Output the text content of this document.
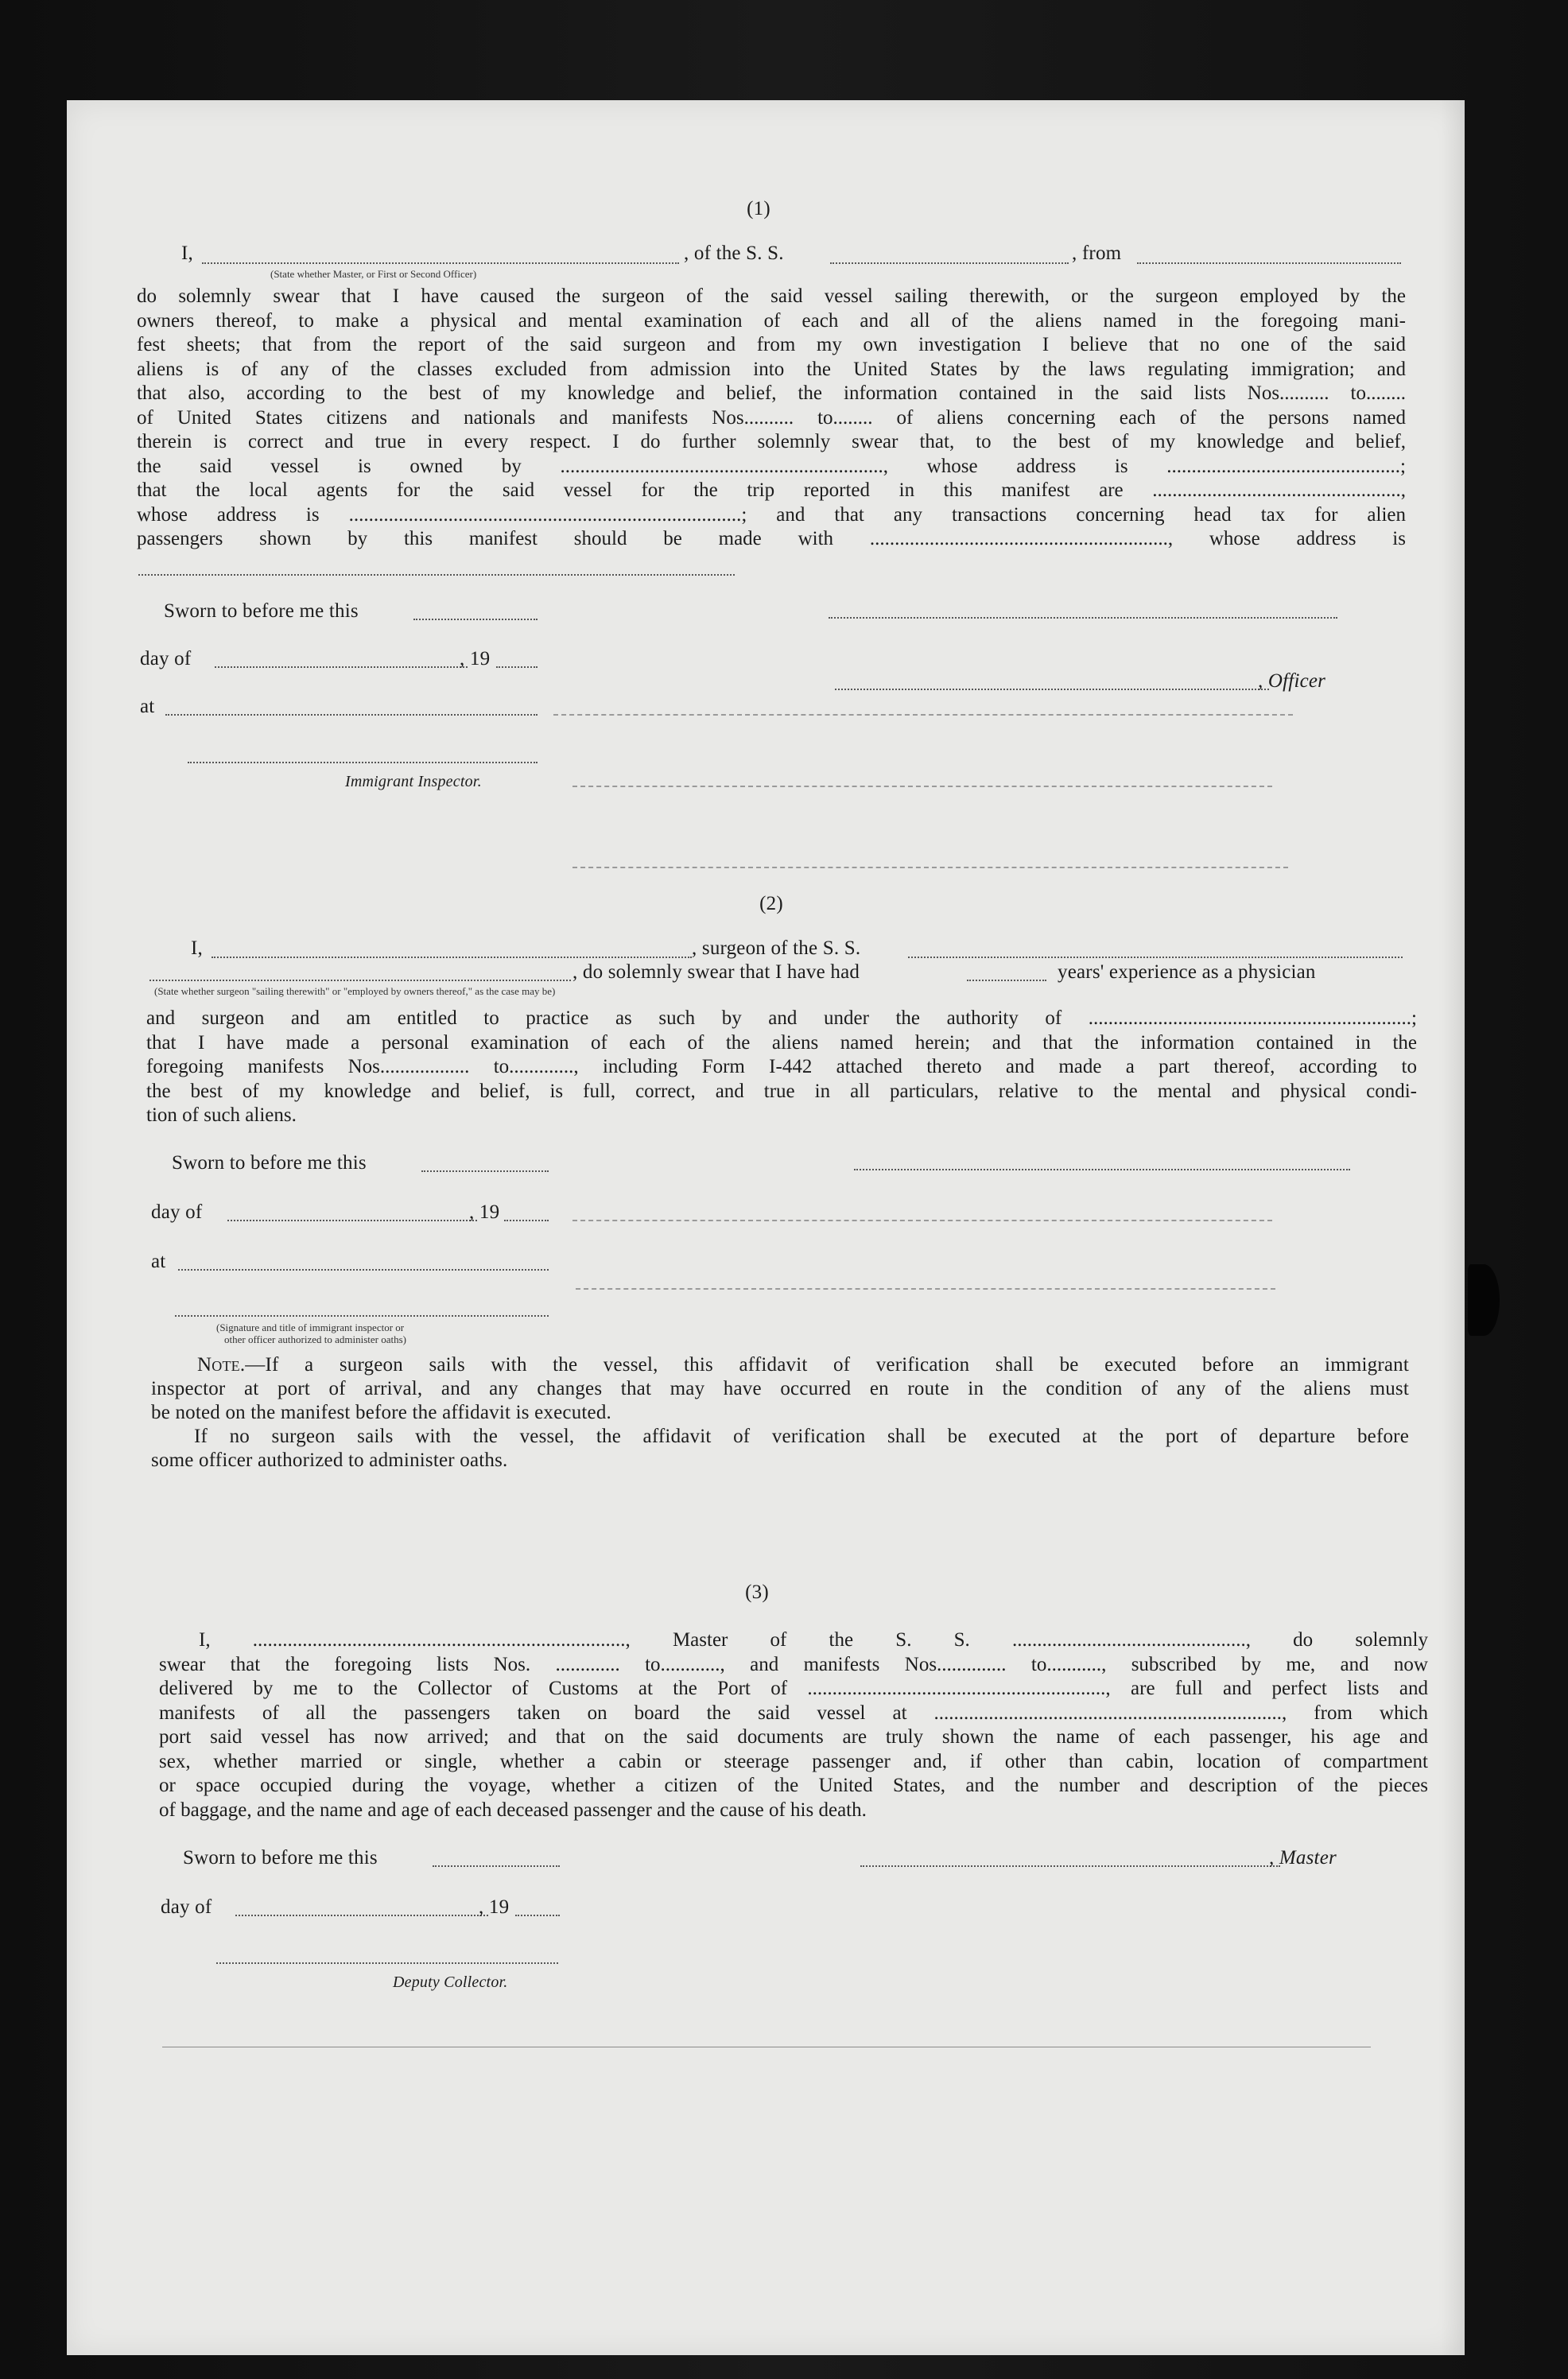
(1)
I,	, of the S. S.	, from
(State whether Master, or First or Second Officer)
do solemnly swear that I have caused the surgeon of the said vessel sailing therewith, or the surgeon employed by the
owners thereof, to make a physical and mental examination of each and all of the aliens named in the foregoing mani-
fest sheets; that from the report of the said surgeon and from my own investigation I believe that no one of the said
aliens is of any of the classes excluded from admission into the United States by the laws regulating immigration; and
that also, according to the best of my knowledge and belief, the information contained in the said lists Nos.......... to........
of United States citizens and nationals and manifests Nos.......... to........ of aliens concerning each of the persons named
therein is correct and true in every respect. I do further solemnly swear that, to the best of my knowledge and belief,
the said vessel is owned by ................................................................., whose address is ...............................................;
that the local agents for the said vessel for the trip reported in this manifest are ..................................................,
whose address is ...............................................................................; and that any transactions concerning head tax for alien
passengers shown by this manifest should be made with ............................................................, whose address is
Sworn to before me this
day of	, 19
, Officer
at
Immigrant Inspector.
(2)
I,	, surgeon of the S. S.
, do solemnly swear that I have had	years' experience as a physician
(State whether surgeon "sailing therewith" or "employed by owners thereof," as the case may be)
and surgeon and am entitled to practice as such by and under the authority of .................................................................;
that I have made a personal examination of each of the aliens named herein; and that the information contained in the
foregoing manifests Nos.................. to............., including Form I-442 attached thereto and made a part thereof, according to
the best of my knowledge and belief, is full, correct, and true in all particulars, relative to the mental and physical condi-
tion of such aliens.
Sworn to before me this
day of	, 19
at
(Signature and title of immigrant inspector or
other officer authorized to administer oaths)
Note.—If a surgeon sails with the vessel, this affidavit of verification shall be executed before an immigrant
inspector at port of arrival, and any changes that may have occurred en route in the condition of any of the aliens must
be noted on the manifest before the affidavit is executed.
If no surgeon sails with the vessel, the affidavit of verification shall be executed at the port of departure before
some officer authorized to administer oaths.
(3)
I, ..........................................................................., Master of the S. S. ..............................................., do solemnly
swear that the foregoing lists Nos. ............. to............, and manifests Nos.............. to..........., subscribed by me, and now
delivered by me to the Collector of Customs at the Port of ............................................................, are full and perfect lists and
manifests of all the passengers taken on board the said vessel at ......................................................................, from which
port said vessel has now arrived; and that on the said documents are truly shown the name of each passenger, his age and
sex, whether married or single, whether a cabin or steerage passenger and, if other than cabin, location of compartment
or space occupied during the voyage, whether a citizen of the United States, and the number and description of the pieces
of baggage, and the name and age of each deceased passenger and the cause of his death.
Sworn to before me this	, Master
day of	, 19
Deputy Collector.
